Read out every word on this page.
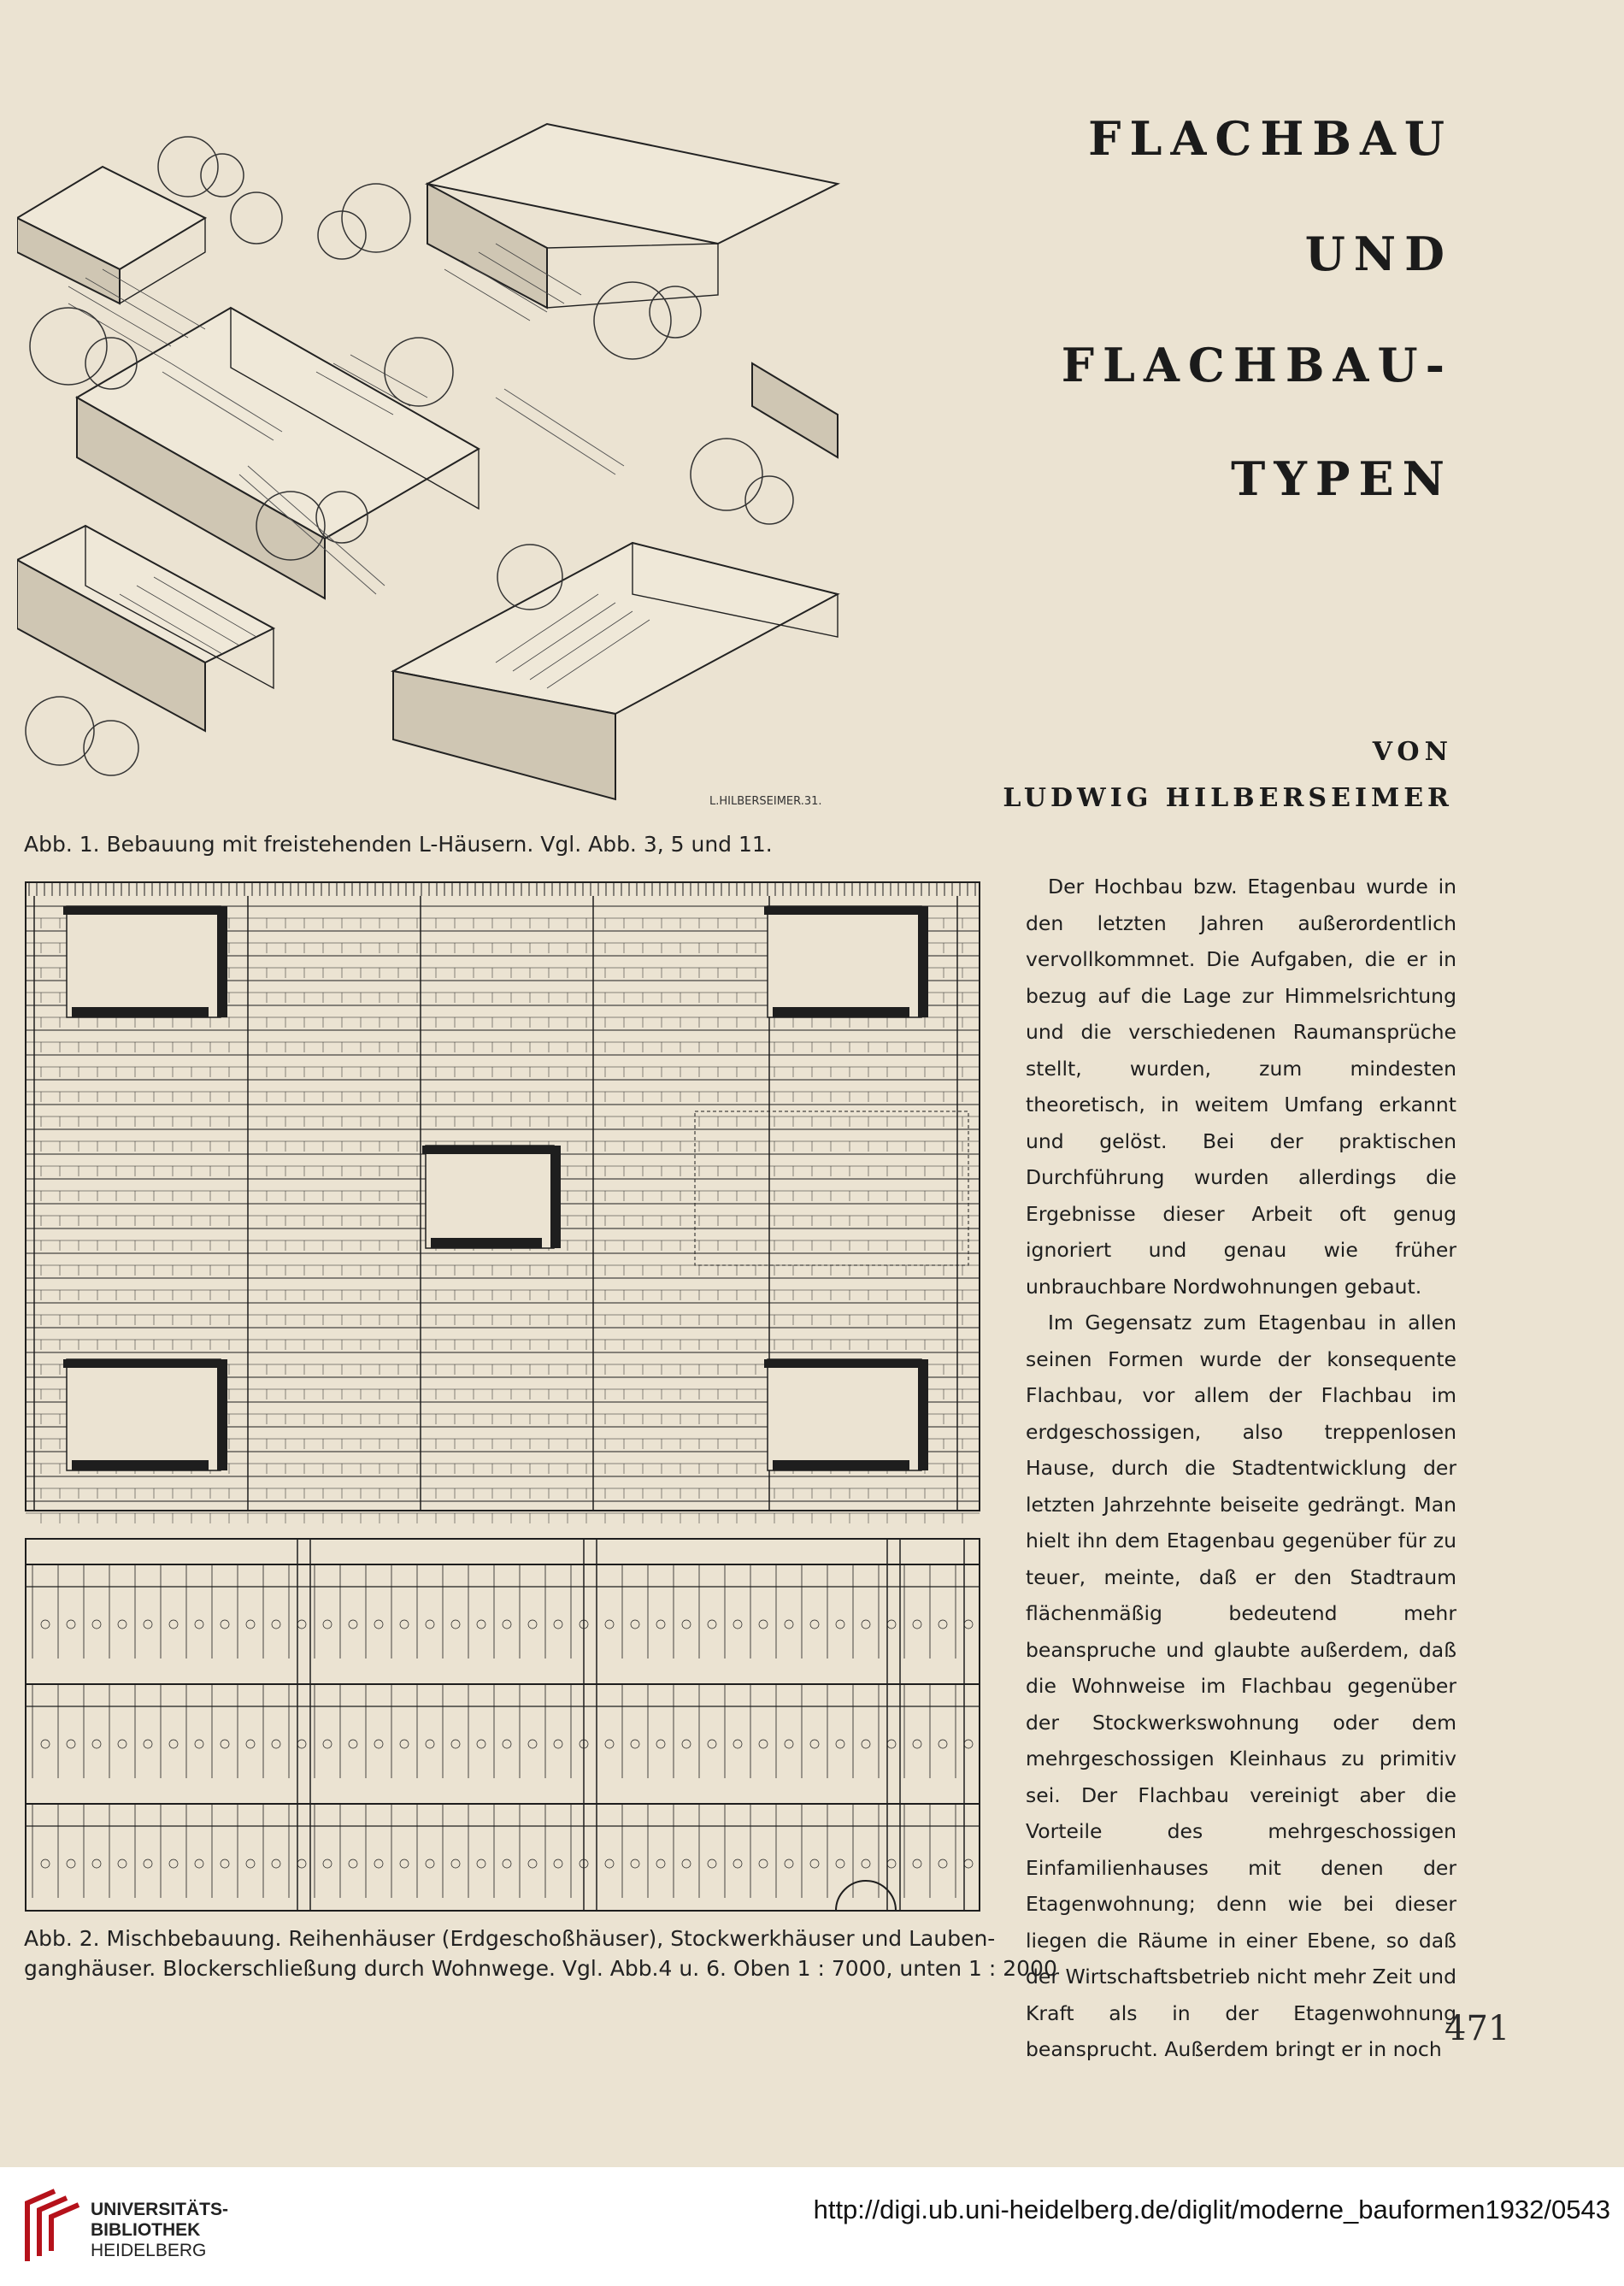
L.HILBERSEIMER.31.
FLACHBAU
UND
FLACHBAU-
TYPEN
VON
LUDWIG HILBERSEIMER
Abb. 1. Bebauung mit freistehenden L-Häusern. Vgl. Abb. 3, 5 und 11.
Abb. 2. Mischbebauung. Reihenhäuser (Erdgeschoßhäuser), Stockwerkhäuser und Lauben-
ganghäuser. Blockerschließung durch Wohnwege. Vgl. Abb.4 u. 6. Oben 1 : 7000, unten 1 : 2000

Der Hochbau bzw. Etagenbau wurde in den letzten Jahren außerordentlich vervollkommnet. Die Aufgaben, die er in bezug auf die Lage zur Himmelsrichtung und die verschiedenen Raumansprüche stellt, wurden, zum mindesten theoretisch, in weitem Umfang erkannt und gelöst. Bei der praktischen Durchführung wurden allerdings die Ergebnisse dieser Arbeit oft genug ignoriert und genau wie früher unbrauchbare Nordwohnungen gebaut.

Im Gegensatz zum Etagenbau in allen seinen Formen wurde der konsequente Flachbau, vor allem der Flachbau im erdgeschossigen, also treppenlosen Hause, durch die Stadtentwicklung der letzten Jahrzehnte beiseite gedrängt. Man hielt ihn dem Etagenbau gegenüber für zu teuer, meinte, daß er den Stadtraum flächenmäßig bedeutend mehr beanspruche und glaubte außerdem, daß die Wohnweise im Flachbau gegenüber der Stockwerkswohnung oder dem mehrgeschossigen Kleinhaus zu primitiv sei. Der Flachbau vereinigt aber die Vorteile des mehrgeschossigen Einfamilienhauses mit denen der Etagenwohnung; denn wie bei dieser liegen die Räume in einer Ebene, so daß der Wirtschaftsbetrieb nicht mehr Zeit und Kraft als in der Etagenwohnung beansprucht. Außerdem bringt er in noch

471
UNIVERSITÄTS-
BIBLIOTHEK
HEIDELBERG
http://digi.ub.uni-heidelberg.de/diglit/moderne_bauformen1932/0543
